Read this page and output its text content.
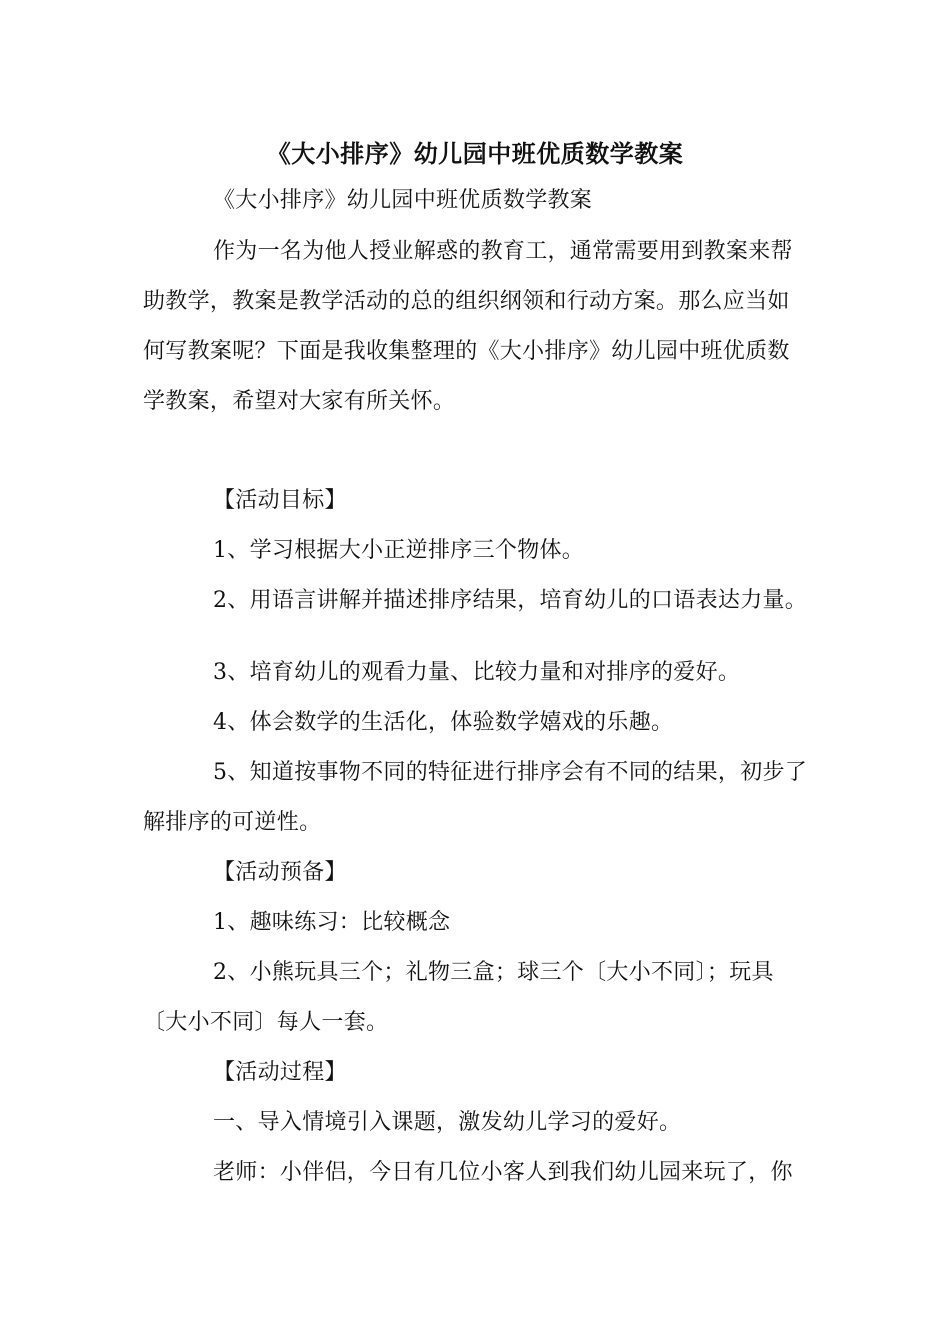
《大小排序》幼儿园中班优质数学教案
《大小排序》幼儿园中班优质数学教案
作为一名为他人授业解惑的教育工，通常需要用到教案来帮
助教学，教案是教学活动的总的组织纲领和行动方案。那么应当如
何写教案呢？下面是我收集整理的《大小排序》幼儿园中班优质数
学教案，希望对大家有所关怀。
【活动目标】
1、学习根据大小正逆排序三个物体。
2、用语言讲解并描述排序结果，培育幼儿的口语表达力量。
3、培育幼儿的观看力量、比较力量和对排序的爱好。
4、体会数学的生活化，体验数学嬉戏的乐趣。
5、知道按事物不同的特征进行排序会有不同的结果，初步了
解排序的可逆性。
【活动预备】
1、趣味练习：比较概念
2、小熊玩具三个；礼物三盒；球三个〔大小不同〕；玩具
〔大小不同〕每人一套。
【活动过程】
一、导入情境引入课题，激发幼儿学习的爱好。
老师：小伴侣，今日有几位小客人到我们幼儿园来玩了，你
